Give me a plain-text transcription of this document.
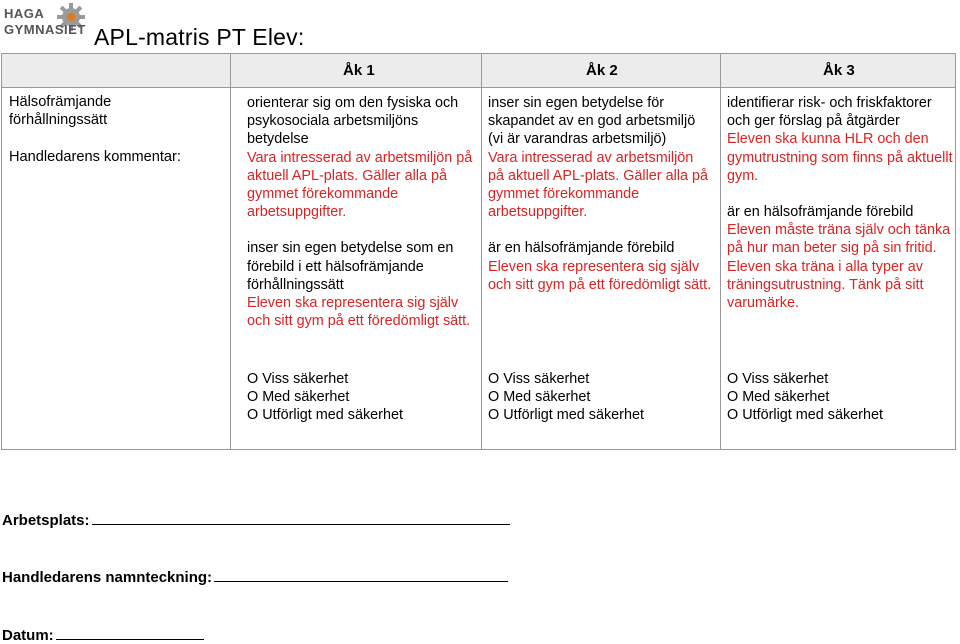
HAGA
GYMNASIET APL-matris PT Elev:
Åk 1	Åk 2	Åk 3
Hälsofrämjande förhållningssätt
Handledarens kommentar:
orienterar sig om den fysiska och psykosociala arbetsmiljöns betydelse
Vara intresserad av arbetsmiljön på aktuell APL-plats. Gäller alla på gymmet förekommande arbetsuppgifter.
inser sin egen betydelse som en förebild i ett hälsofrämjande förhållningssätt
Eleven ska representera sig själv och sitt gym på ett föredömligt sätt.
O Viss säkerhet
O Med säkerhet
O Utförligt med säkerhet
inser sin egen betydelse för skapandet av en god arbetsmiljö (vi är varandras arbetsmiljö)
Vara intresserad av arbetsmiljön på aktuell APL-plats. Gäller alla på gymmet förekommande arbetsuppgifter.
är en hälsofrämjande förebild
Eleven ska representera sig själv och sitt gym på ett föredömligt sätt.
O Viss säkerhet
O Med säkerhet
O Utförligt med säkerhet
identifierar risk- och friskfaktorer och ger förslag på åtgärder
Eleven ska kunna HLR och den gymutrustning som finns på aktuellt gym.
är en hälsofrämjande förebild
Eleven måste träna själv och tänka på hur man beter sig på sin fritid. Eleven ska träna i alla typer av träningsutrustning. Tänk på sitt varumärke.
O Viss säkerhet
O Med säkerhet
O Utförligt med säkerhet
Arbetsplats:
Handledarens namnteckning:
Datum:
